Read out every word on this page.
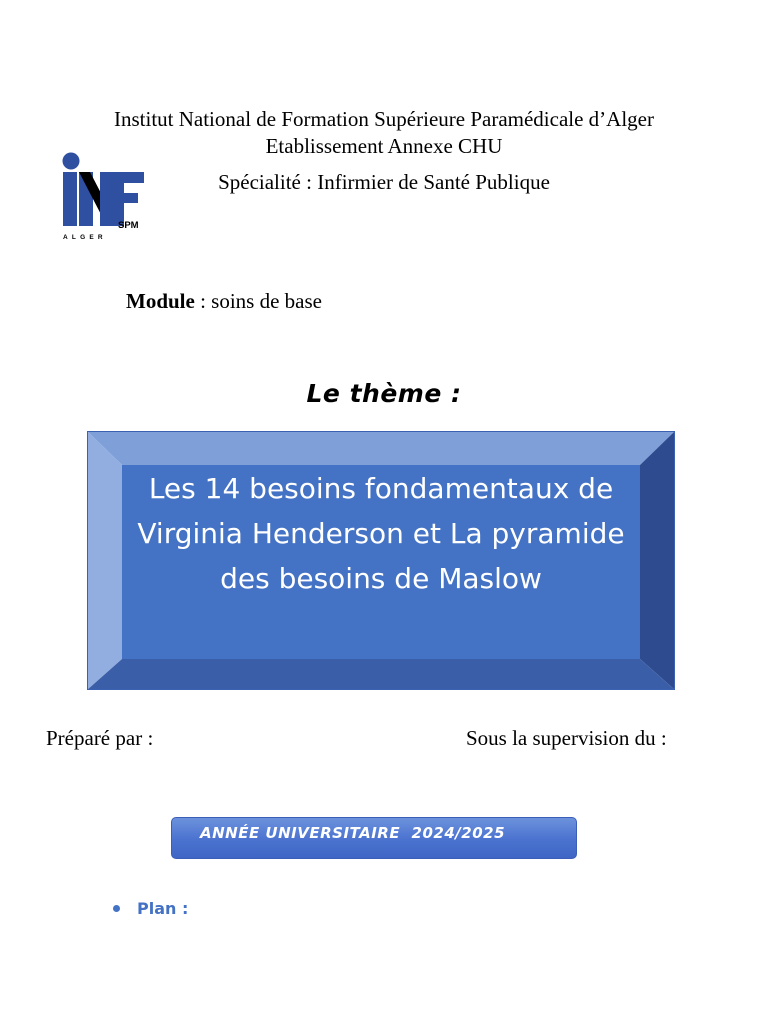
Institut National de Formation Supérieure Paramédicale d’Alger
Etablissement Annexe CHU
Spécialité : Infirmier de Santé Publique
SPM
ALGER
Module : soins de base
Le thème :
Les 14 besoins fondamentaux de Virginia Henderson et La pyramide des besoins de Maslow
Préparé par :	Sous la supervision du :
ANNÉE UNIVERSITAIRE  2024/2025
Plan :
